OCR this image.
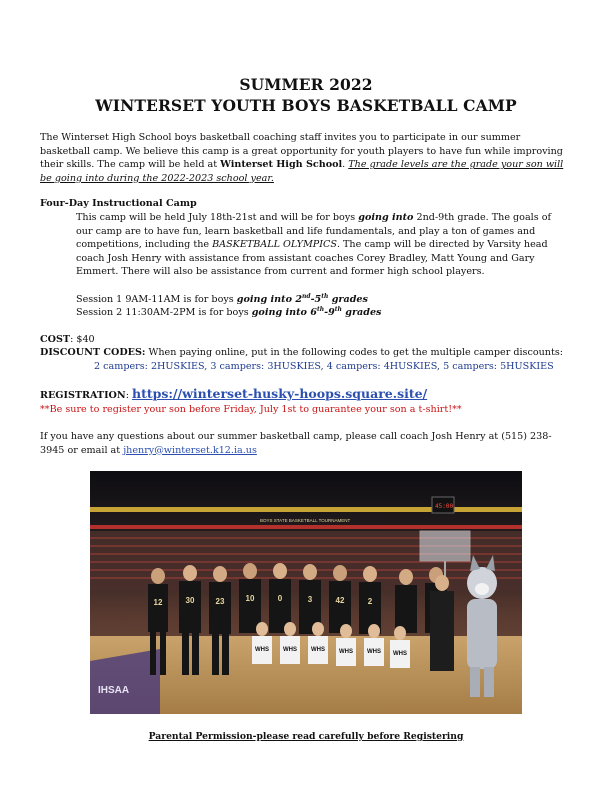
SUMMER 2022
WINTERSET YOUTH BOYS BASKETBALL CAMP
The Winterset High School boys basketball coaching staff invites you to participate in our summer basketball camp. We believe this camp is a great opportunity for youth players to have fun while improving their skills. The camp will be held at Winterset High School. The grade levels are the grade your son will be going into during the 2022-2023 school year.
Four-Day Instructional Camp
This camp will be held July 18th-21st and will be for boys going into 2nd-9th grade. The goals of our camp are to have fun, learn basketball and life fundamentals, and play a ton of games and competitions, including the BASKETBALL OLYMPICS. The camp will be directed by Varsity head coach Josh Henry with assistance from assistant coaches Corey Bradley, Matt Young and Gary Emmert. There will also be assistance from current and former high school players.
Session 1 9AM-11AM is for boys going into 2nd-5th grades
Session 2 11:30AM-2PM is for boys going into 6th-9th grades
COST: $40
DISCOUNT CODES: When paying online, put in the following codes to get the multiple camper discounts:
2 campers: 2HUSKIES, 3 campers: 3HUSKIES, 4 campers: 4HUSKIES, 5 campers: 5HUSKIES
REGISTRATION: https://winterset-husky-hoops.square.site/
**Be sure to register your son before Friday, July 1st to guarantee your son a t-shirt!**
If you have any questions about our summer basketball camp, please call coach Josh Henry at (515) 238-3945 or email at jhenry@winterset.k12.ia.us
BOYS STATE BASKETBALL TOURNAMENT
45:00
IHSAA
30	23	10	3	42	2
12	0
WHS WHS WHS WHS WHS WHS
Parental Permission-please read carefully before Registering
